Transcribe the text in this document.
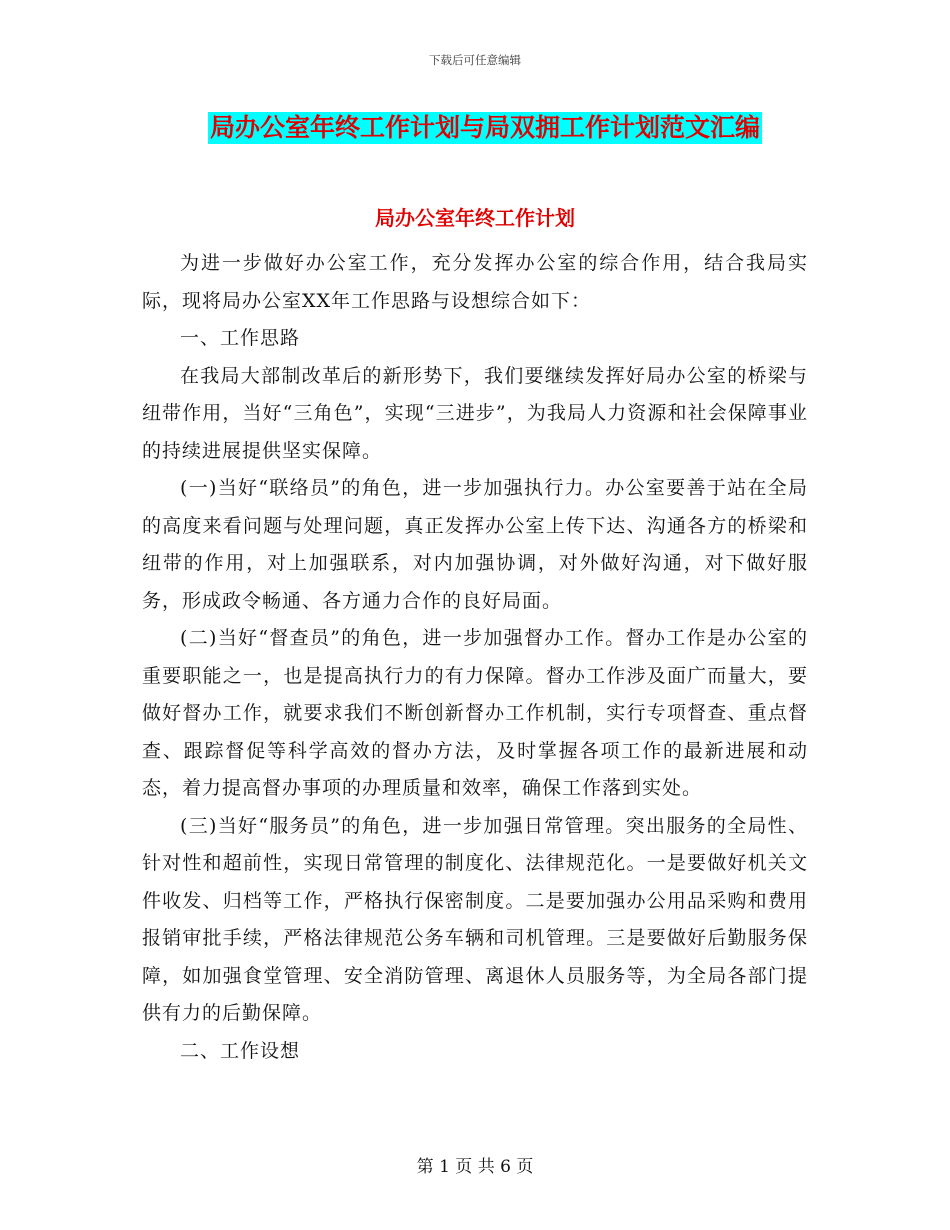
下载后可任意编辑
局办公室年终工作计划与局双拥工作计划范文汇编
局办公室年终工作计划

为进一步做好办公室工作，充分发挥办公室的综合作用，结合我局实际，现将局办公室XX年工作思路与设想综合如下：

一、工作思路

在我局大部制改革后的新形势下，我们要继续发挥好局办公室的桥梁与纽带作用，当好“三角色”，实现“三进步”，为我局人力资源和社会保障事业的持续进展提供坚实保障。

(一)当好“联络员”的角色，进一步加强执行力。办公室要善于站在全局的高度来看问题与处理问题，真正发挥办公室上传下达、沟通各方的桥梁和纽带的作用，对上加强联系，对内加强协调，对外做好沟通，对下做好服务，形成政令畅通、各方通力合作的良好局面。

(二)当好“督查员”的角色，进一步加强督办工作。督办工作是办公室的重要职能之一，也是提高执行力的有力保障。督办工作涉及面广而量大，要做好督办工作，就要求我们不断创新督办工作机制，实行专项督查、重点督查、跟踪督促等科学高效的督办方法，及时掌握各项工作的最新进展和动态，着力提高督办事项的办理质量和效率，确保工作落到实处。

(三)当好“服务员”的角色，进一步加强日常管理。突出服务的全局性、针对性和超前性，实现日常管理的制度化、法律规范化。一是要做好机关文件收发、归档等工作，严格执行保密制度。二是要加强办公用品采购和费用报销审批手续，严格法律规范公务车辆和司机管理。三是要做好后勤服务保障，如加强食堂管理、安全消防管理、离退休人员服务等，为全局各部门提供有力的后勤保障。

二、工作设想

第 1 页 共 6 页
